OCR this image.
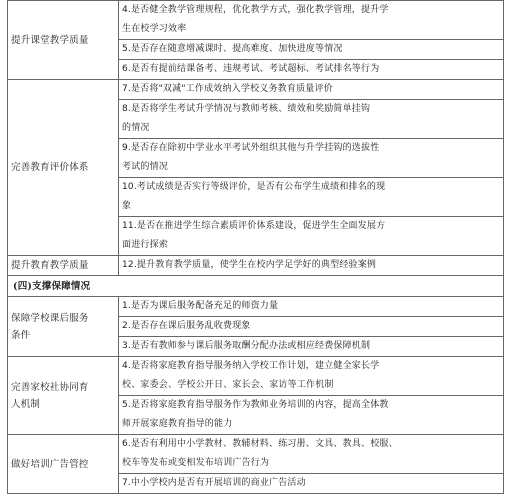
提升课堂教学质量	4.是否健全教学管理规程，优化教学方式，强化教学管理，提升学
生在校学习效率

	5.是否存在随意增减课时、提高难度、加快进度等情况

	6.是否有提前结课备考、违规考试、考试超标、考试排名等行为

完善教育评价体系	7.是否将"双减"工作成效纳入学校义务教育质量评价

	8.是否将学生考试升学情况与教师考核、绩效和奖励简单挂钩
的情况

	9.是否存在除初中学业水平考试外组织其他与升学挂钩的选拔性
考试的情况

	10.考试成绩是否实行等级评价，是否有公布学生成绩和排名的现
象

	11.是否在推进学生综合素质评价体系建设，促进学生全面发展方
面进行探索

提升教育教学质量	12.提升教育教学质量，使学生在校内学足学好的典型经验案例

(四)支撑保障情况	

保障学校课后服务
条件	1.是否为课后服务配备充足的师资力量

	2.是否存在课后服务乱收费现象

	3.是否有教师参与课后服务取酬分配办法或相应经费保障机制

完善家校社协同育
人机制	4.是否将家庭教育指导服务纳入学校工作计划，建立健全家长学
校、家委会、学校公开日、家长会、家访等工作机制

	5.是否将家庭教育指导服务作为教师业务培训的内容，提高全体教
师开展家庭教育指导的能力

做好培训广告管控	6.是否有利用中小学教材、教辅材料、练习册、文具、教具、校服、
校车等发布或变相发布培训广告行为

	7.中小学校内是否有开展培训的商业广告活动
